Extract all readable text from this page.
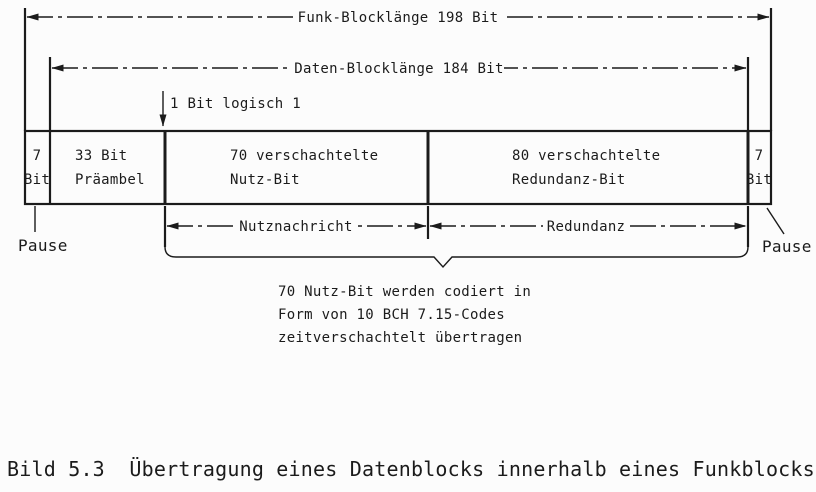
Funk-Blocklänge 198 Bit
Daten-Blocklänge 184 Bit
1 Bit logisch 1
7
Bit
33 Bit
Präambel
70 verschachtelte
Nutz-Bit
80 verschachtelte
Redundanz-Bit
7
Bit
Pause
Nutznachricht	Redundanz
Pause
70 Nutz-Bit werden codiert in
Form von 10 BCH 7.15-Codes
zeitverschachtelt übertragen
Bild 5.3  Übertragung eines Datenblocks innerhalb eines Funkblocks
